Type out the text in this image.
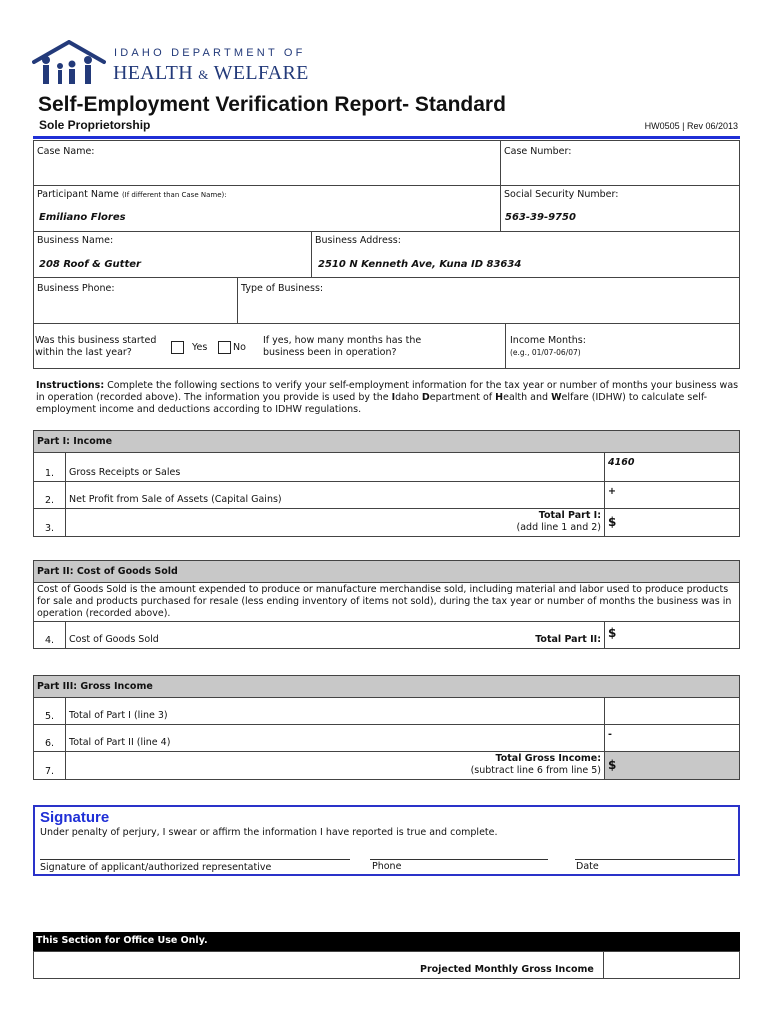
IDAHO DEPARTMENT OF
HEALTH & WELFARE
Self-Employment Verification Report- Standard
Sole Proprietorship	HW0505 | Rev 06/2013
Case Name:	Case Number:
Participant Name (If different than Case Name):
Emiliano Flores
Social Security Number:
563-39-9750
Business Name:
208 Roof & Gutter
Business Address:
2510 N Kenneth Ave, Kuna ID 83634
Business Phone:	Type of Business:
Was this business started
within the last year?	Yes	No
If yes, how many months has the
business been in operation?
Income Months:
(e.g., 01/07-06/07)
Instructions: Complete the following sections to verify your self-employment information for the tax year or number of months your business was in operation (recorded above). The information you provide is used by the Idaho Department of Health and Welfare (IDHW) to calculate self-employment income and deductions according to IDHW regulations.
Part I: Income		
1.	Gross Receipts or Sales	4160
2.	Net Profit from Sale of Assets (Capital Gains)	+
3.	Total Part I:
(add line 1 and 2)	$
Part II: Cost of Goods Sold
Cost of Goods Sold is the amount expended to produce or manufacture merchandise sold, including material and labor used to produce products for sale and products purchased for resale (less ending inventory of items not sold), during the tax year or number of months the business was in operation (recorded above).
4.	Cost of Goods Sold	Total Part II:	$
Part III: Gross Income		
5.	Total of Part I (line 3)	
6.	Total of Part II (line 4)	-
7.	Total Gross Income:
(subtract line 6 from line 5)	$
Signature
Under penalty of perjury, I swear or affirm the information I have reported is true and complete.
Signature of applicant/authorized representative	Phone	Date
This Section for Office Use Only.
Projected Monthly Gross Income
